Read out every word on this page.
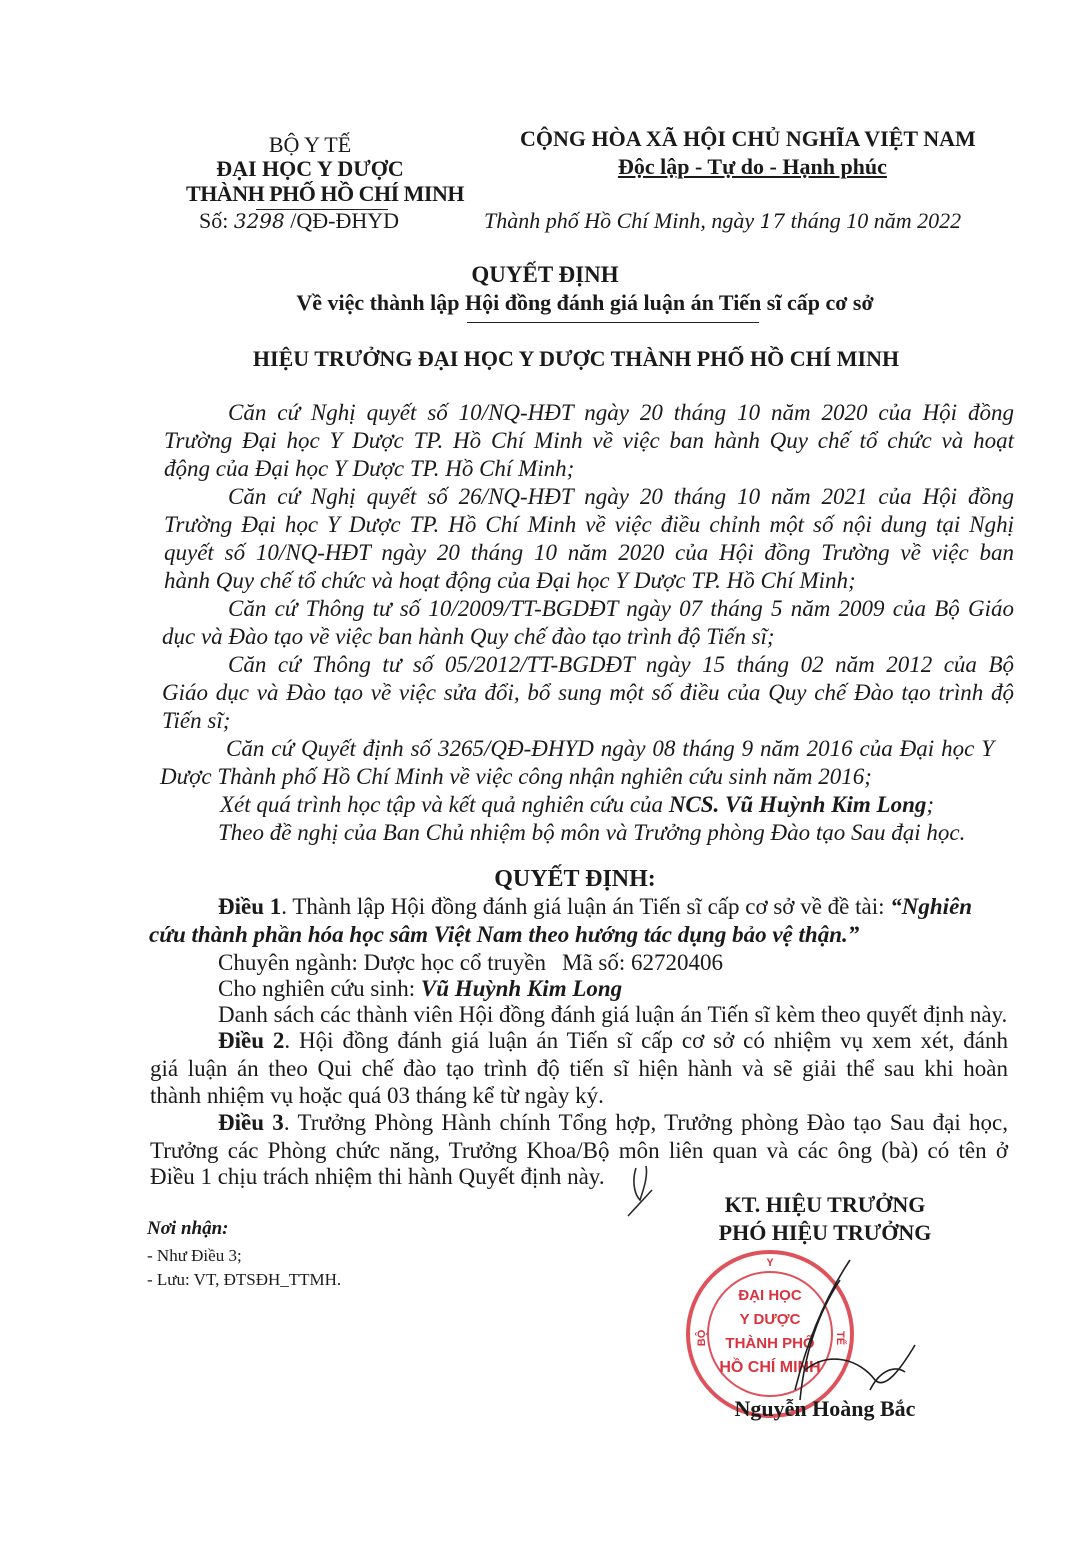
BỘ Y TẾ
ĐẠI HỌC Y DƯỢC
THÀNH PHỐ HỒ CHÍ MINH
Số: 3298 /QĐ-ĐHYD
CỘNG HÒA XÃ HỘI CHỦ NGHĨA VIỆT NAM
Độc lập - Tự do - Hạnh phúc
Thành phố Hồ Chí Minh, ngày 17 tháng 10 năm 2022
QUYẾT ĐỊNH
Về việc thành lập Hội đồng đánh giá luận án Tiến sĩ cấp cơ sở
HIỆU TRƯỞNG ĐẠI HỌC Y DƯỢC THÀNH PHỐ HỒ CHÍ MINH
Căn cứ Nghị quyết số 10/NQ-HĐT ngày 20 tháng 10 năm 2020 của Hội đồng
Trường Đại học Y Dược TP. Hồ Chí Minh về việc ban hành Quy chế tổ chức và hoạt
động của Đại học Y Dược TP. Hồ Chí Minh;
Căn cứ Nghị quyết số 26/NQ-HĐT ngày 20 tháng 10 năm 2021 của Hội đồng
Trường Đại học Y Dược TP. Hồ Chí Minh về việc điều chỉnh một số nội dung tại Nghị
quyết số 10/NQ-HĐT ngày 20 tháng 10 năm 2020 của Hội đồng Trường về việc ban
hành Quy chế tổ chức và hoạt động của Đại học Y Dược TP. Hồ Chí Minh;
Căn cứ Thông tư số 10/2009/TT-BGDĐT ngày 07 tháng 5 năm 2009 của Bộ Giáo
dục và Đào tạo về việc ban hành Quy chế đào tạo trình độ Tiến sĩ;
Căn cứ Thông tư số 05/2012/TT-BGDĐT ngày 15 tháng 02 năm 2012 của Bộ
Giáo dục và Đào tạo về việc sửa đổi, bổ sung một số điều của Quy chế Đào tạo trình độ
Tiến sĩ;
Căn cứ Quyết định số 3265/QĐ-ĐHYD ngày 08 tháng 9 năm 2016 của Đại học Y
Dược Thành phố Hồ Chí Minh về việc công nhận nghiên cứu sinh năm 2016;
Xét quá trình học tập và kết quả nghiên cứu của NCS. Vũ Huỳnh Kim Long;
Theo đề nghị của Ban Chủ nhiệm bộ môn và Trưởng phòng Đào tạo Sau đại học.
QUYẾT ĐỊNH:
Điều 1. Thành lập Hội đồng đánh giá luận án Tiến sĩ cấp cơ sở về đề tài: “Nghiên
cứu thành phần hóa học sâm Việt Nam theo hướng tác dụng bảo vệ thận.”
Chuyên ngành: Dược học cổ truyền Mã số: 62720406
Cho nghiên cứu sinh: Vũ Huỳnh Kim Long
Danh sách các thành viên Hội đồng đánh giá luận án Tiến sĩ kèm theo quyết định này.
Điều 2. Hội đồng đánh giá luận án Tiến sĩ cấp cơ sở có nhiệm vụ xem xét, đánh
giá luận án theo Qui chế đào tạo trình độ tiến sĩ hiện hành và sẽ giải thể sau khi hoàn
thành nhiệm vụ hoặc quá 03 tháng kể từ ngày ký.
Điều 3. Trưởng Phòng Hành chính Tổng hợp, Trưởng phòng Đào tạo Sau đại học,
Trưởng các Phòng chức năng, Trưởng Khoa/Bộ môn liên quan và các ông (bà) có tên ở
Điều 1 chịu trách nhiệm thi hành Quyết định này.
Nơi nhận:
- Như Điều 3;
- Lưu: VT, ĐTSĐH_TTMH.
KT. HIỆU TRƯỞNG
PHÓ HIỆU TRƯỞNG
ĐẠI HỌC
Y DƯỢC
THÀNH PHỐ
HỒ CHÍ MINH
Y
BỘ	TẾ
Nguyễn Hoàng Bắc
